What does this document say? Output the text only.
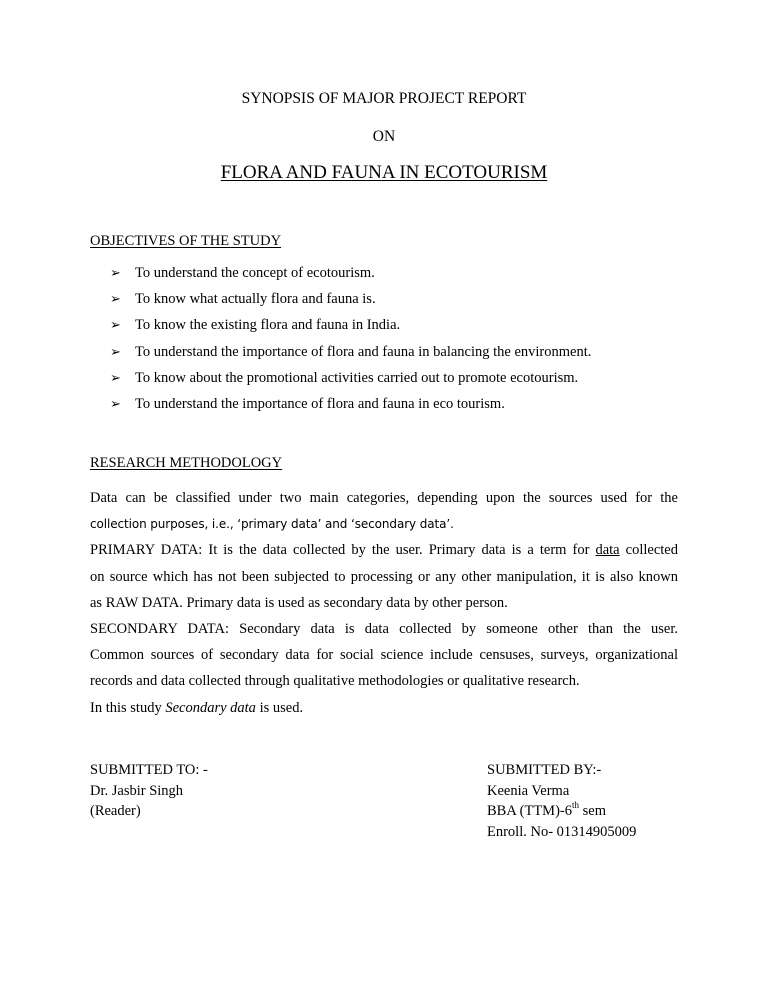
SYNOPSIS OF MAJOR PROJECT REPORT
ON
FLORA AND FAUNA IN ECOTOURISM
OBJECTIVES OF THE STUDY
➢ To understand the concept of ecotourism.
➢ To know what actually flora and fauna is.
➢ To know the existing flora and fauna in India.
➢ To understand the importance of flora and fauna in balancing the environment.
➢ To know about the promotional activities carried out to promote ecotourism.
➢ To understand the importance of flora and fauna in eco tourism.
RESEARCH METHODOLOGY

Data can be classified under two main categories, depending upon the sources used for the

collection purposes, i.e., ‘primary data’ and ‘secondary data’.

PRIMARY DATA: It is the data collected by the user. Primary data is a term for data collected

on source which has not been subjected to processing or any other manipulation, it is also known

as RAW DATA. Primary data is used as secondary data by other person.

SECONDARY DATA: Secondary data is data collected by someone other than the user.

Common sources of secondary data for social science include censuses, surveys, organizational

records and data collected through qualitative methodologies or qualitative research.

In this study Secondary data is used.

SUBMITTED TO: -
Dr. Jasbir Singh
(Reader)
SUBMITTED BY:-
Keenia Verma
BBA (TTM)-6th sem
Enroll. No- 01314905009
